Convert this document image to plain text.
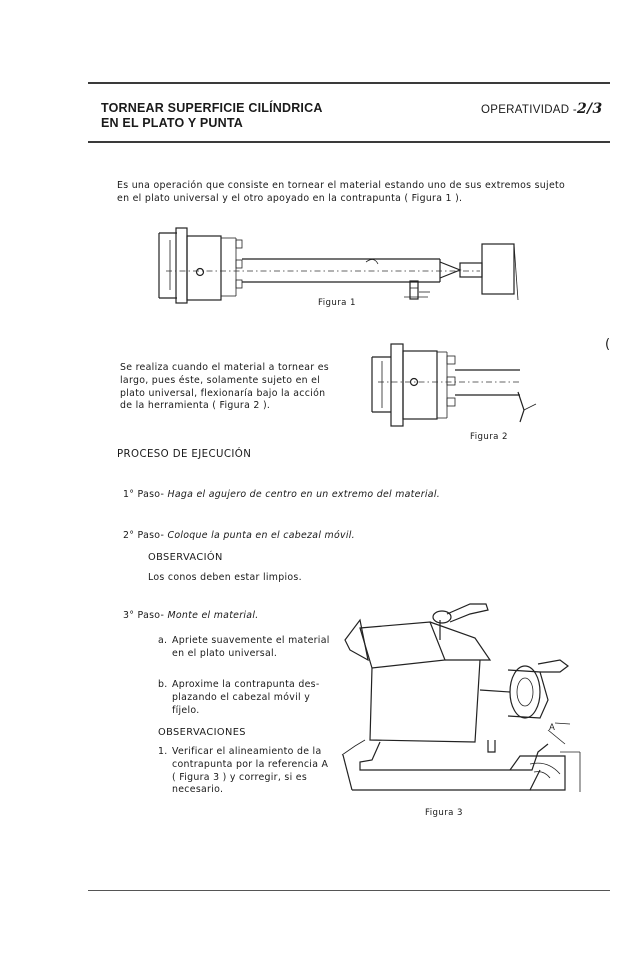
TORNEAR SUPERFICIE CILÍNDRICA
EN EL PLATO Y PUNTA
OPERATIVIDAD -2/3
Es una operación que consiste en tornear el material estando uno de sus extremos sujeto
en el plato universal y el otro apoyado en la contrapunta ( Figura 1 ).
Figura 1
Se realiza cuando el material a tornear es
largo, pues éste, solamente sujeto en el
plato universal, flexionaría bajo la acción
de la herramienta ( Figura 2 ).
Figura 2
(
PROCESO DE EJECUCIÓN
1° Paso- Haga el agujero de centro en un extremo del material.
2° Paso- Coloque la punta en el cabezal móvil.
OBSERVACIÓN
Los conos deben estar limpios.
3° Paso- Monte el material.
a. Apriete suavemente el material
en el plato universal.
b. Aproxime la contrapunta des-
plazando el cabezal móvil y
fíjelo.
OBSERVACIONES
1. Verificar el alineamiento de la
contrapunta por la referencia A
( Figura 3 ) y corregir, si es
necesario.
A
Figura 3
